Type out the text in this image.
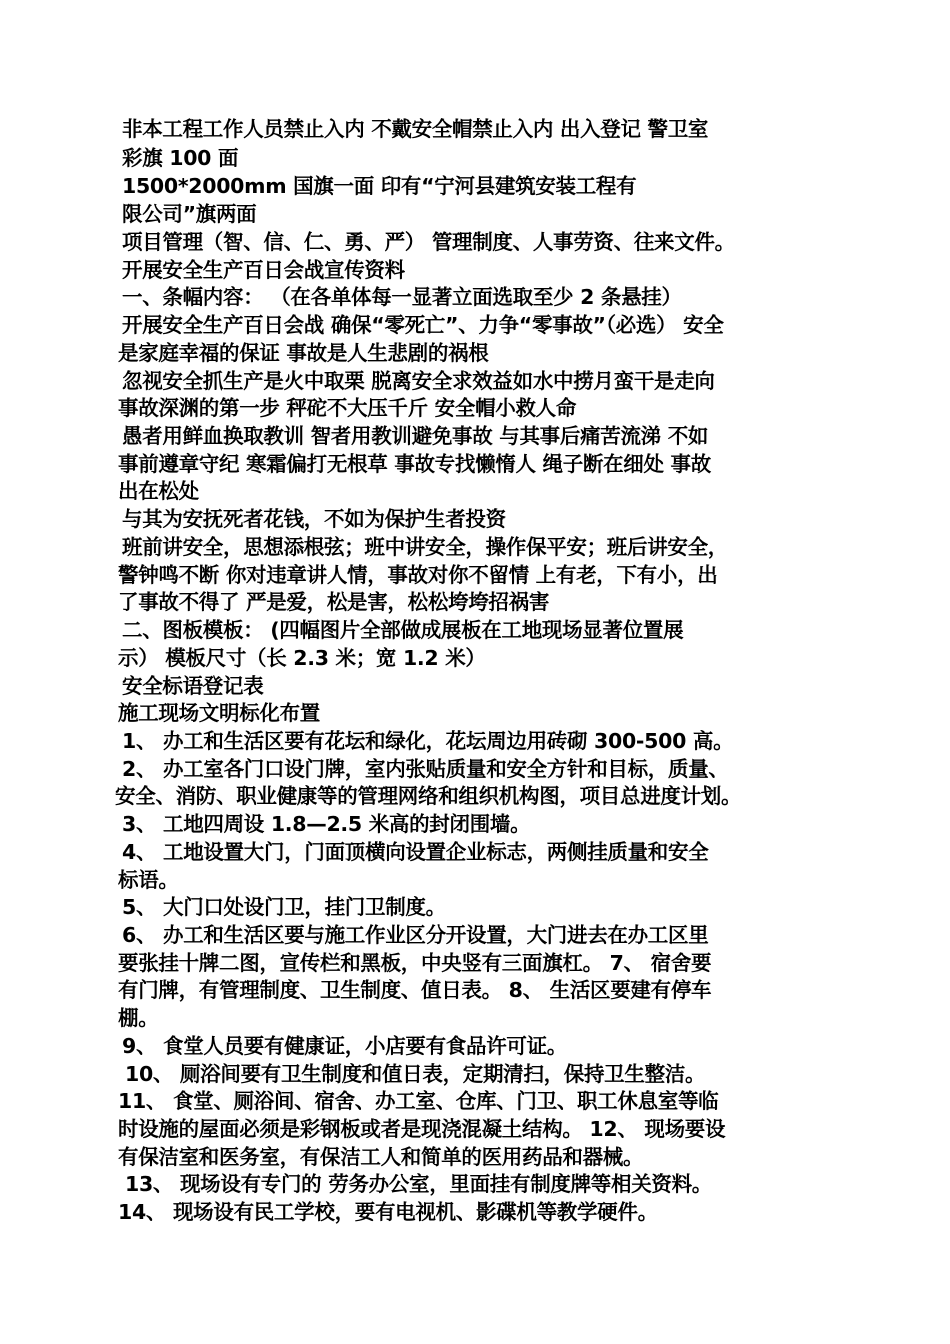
非本工程工作人员禁止入内 不戴安全帽禁止入内 出入登记 警卫室
彩旗 100 面
1500*2000mm 国旗一面 印有“宁河县建筑安装工程有
限公司”旗两面
项目管理（智、信、仁、勇、严） 管理制度、人事劳资、往来文件。
开展安全生产百日会战宣传资料
一、条幅内容： （在各单体每一显著立面选取至少 2 条悬挂）
开展安全生产百日会战 确保“零死亡”、力争“零事故”（必选） 安全
是家庭幸福的保证 事故是人生悲剧的祸根
忽视安全抓生产是火中取栗 脱离安全求效益如水中捞月蛮干是走向
事故深渊的第一步 秤砣不大压千斤 安全帽小救人命
愚者用鲜血换取教训 智者用教训避免事故 与其事后痛苦流涕 不如
事前遵章守纪 寒霜偏打无根草 事故专找懒惰人 绳子断在细处 事故
出在松处
与其为安抚死者花钱，不如为保护生者投资
班前讲安全，思想添根弦；班中讲安全，操作保平安；班后讲安全，
警钟鸣不断 你对违章讲人情，事故对你不留情 上有老，下有小，出
了事故不得了 严是爱，松是害，松松垮垮招祸害
二、图板模板： (四幅图片全部做成展板在工地现场显著位置展
示） 模板尺寸（长 2.3 米；宽 1.2 米）
安全标语登记表
施工现场文明标化布置
1、 办工和生活区要有花坛和绿化，花坛周边用砖砌 300-500 高。
2、 办工室各门口设门牌，室内张贴质量和安全方针和目标，质量、
安全、消防、职业健康等的管理网络和组织机构图，项目总进度计划。
3、 工地四周设 1.8—2.5 米高的封闭围墙。
4、 工地设置大门，门面顶横向设置企业标志，两侧挂质量和安全
标语。
5、 大门口处设门卫，挂门卫制度。
6、 办工和生活区要与施工作业区分开设置，大门进去在办工区里
要张挂十牌二图，宣传栏和黑板，中央竖有三面旗杠。 7、 宿舍要
有门牌，有管理制度、卫生制度、值日表。 8、 生活区要建有停车
棚。
9、 食堂人员要有健康证，小店要有食品许可证。
10、 厕浴间要有卫生制度和值日表，定期清扫，保持卫生整洁。
11、 食堂、厕浴间、宿舍、办工室、仓库、门卫、职工休息室等临
时设施的屋面必须是彩钢板或者是现浇混凝土结构。 12、 现场要设
有保洁室和医务室，有保洁工人和简单的医用药品和器械。
13、 现场设有专门的 劳务办公室，里面挂有制度牌等相关资料。
14、 现场设有民工学校，要有电视机、影碟机等教学硬件。
